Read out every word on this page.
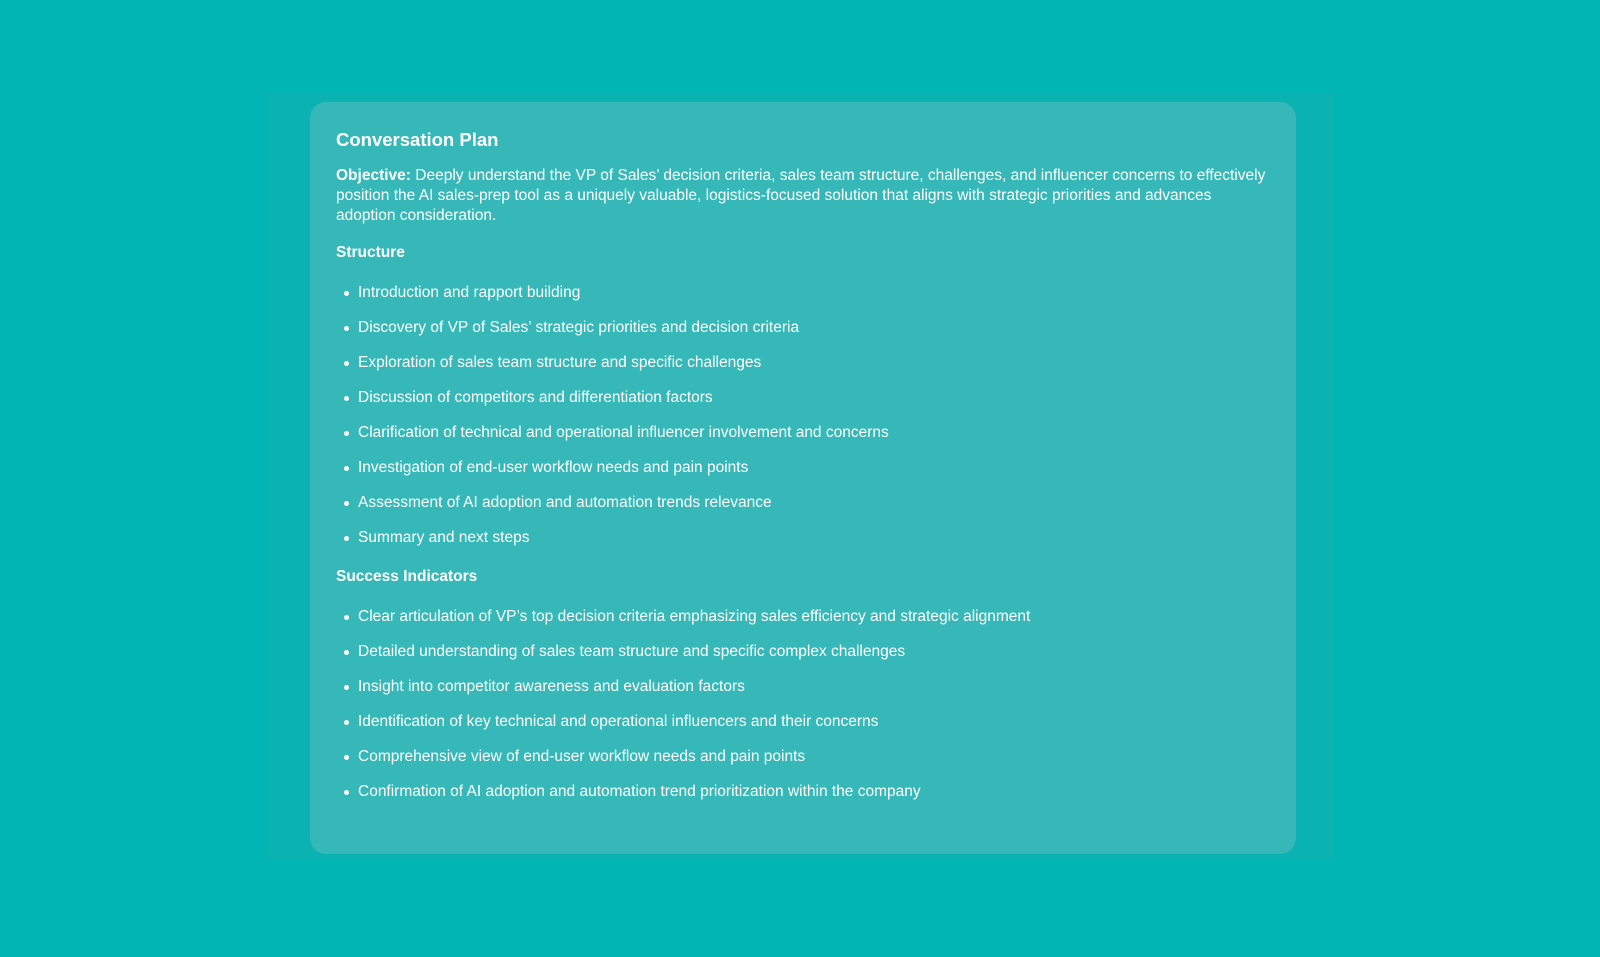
Conversation Plan

Objective: Deeply understand the VP of Sales’ decision criteria, sales team structure, challenges, and influencer concerns to effectively position the AI sales-prep tool as a uniquely valuable, logistics-focused solution that aligns with strategic priorities and advances adoption consideration.

Structure
Introduction and rapport building
Discovery of VP of Sales’ strategic priorities and decision criteria
Exploration of sales team structure and specific challenges
Discussion of competitors and differentiation factors
Clarification of technical and operational influencer involvement and concerns
Investigation of end-user workflow needs and pain points
Assessment of AI adoption and automation trends relevance
Summary and next steps
Success Indicators
Clear articulation of VP’s top decision criteria emphasizing sales efficiency and strategic alignment
Detailed understanding of sales team structure and specific complex challenges
Insight into competitor awareness and evaluation factors
Identification of key technical and operational influencers and their concerns
Comprehensive view of end-user workflow needs and pain points
Confirmation of AI adoption and automation trend prioritization within the company
